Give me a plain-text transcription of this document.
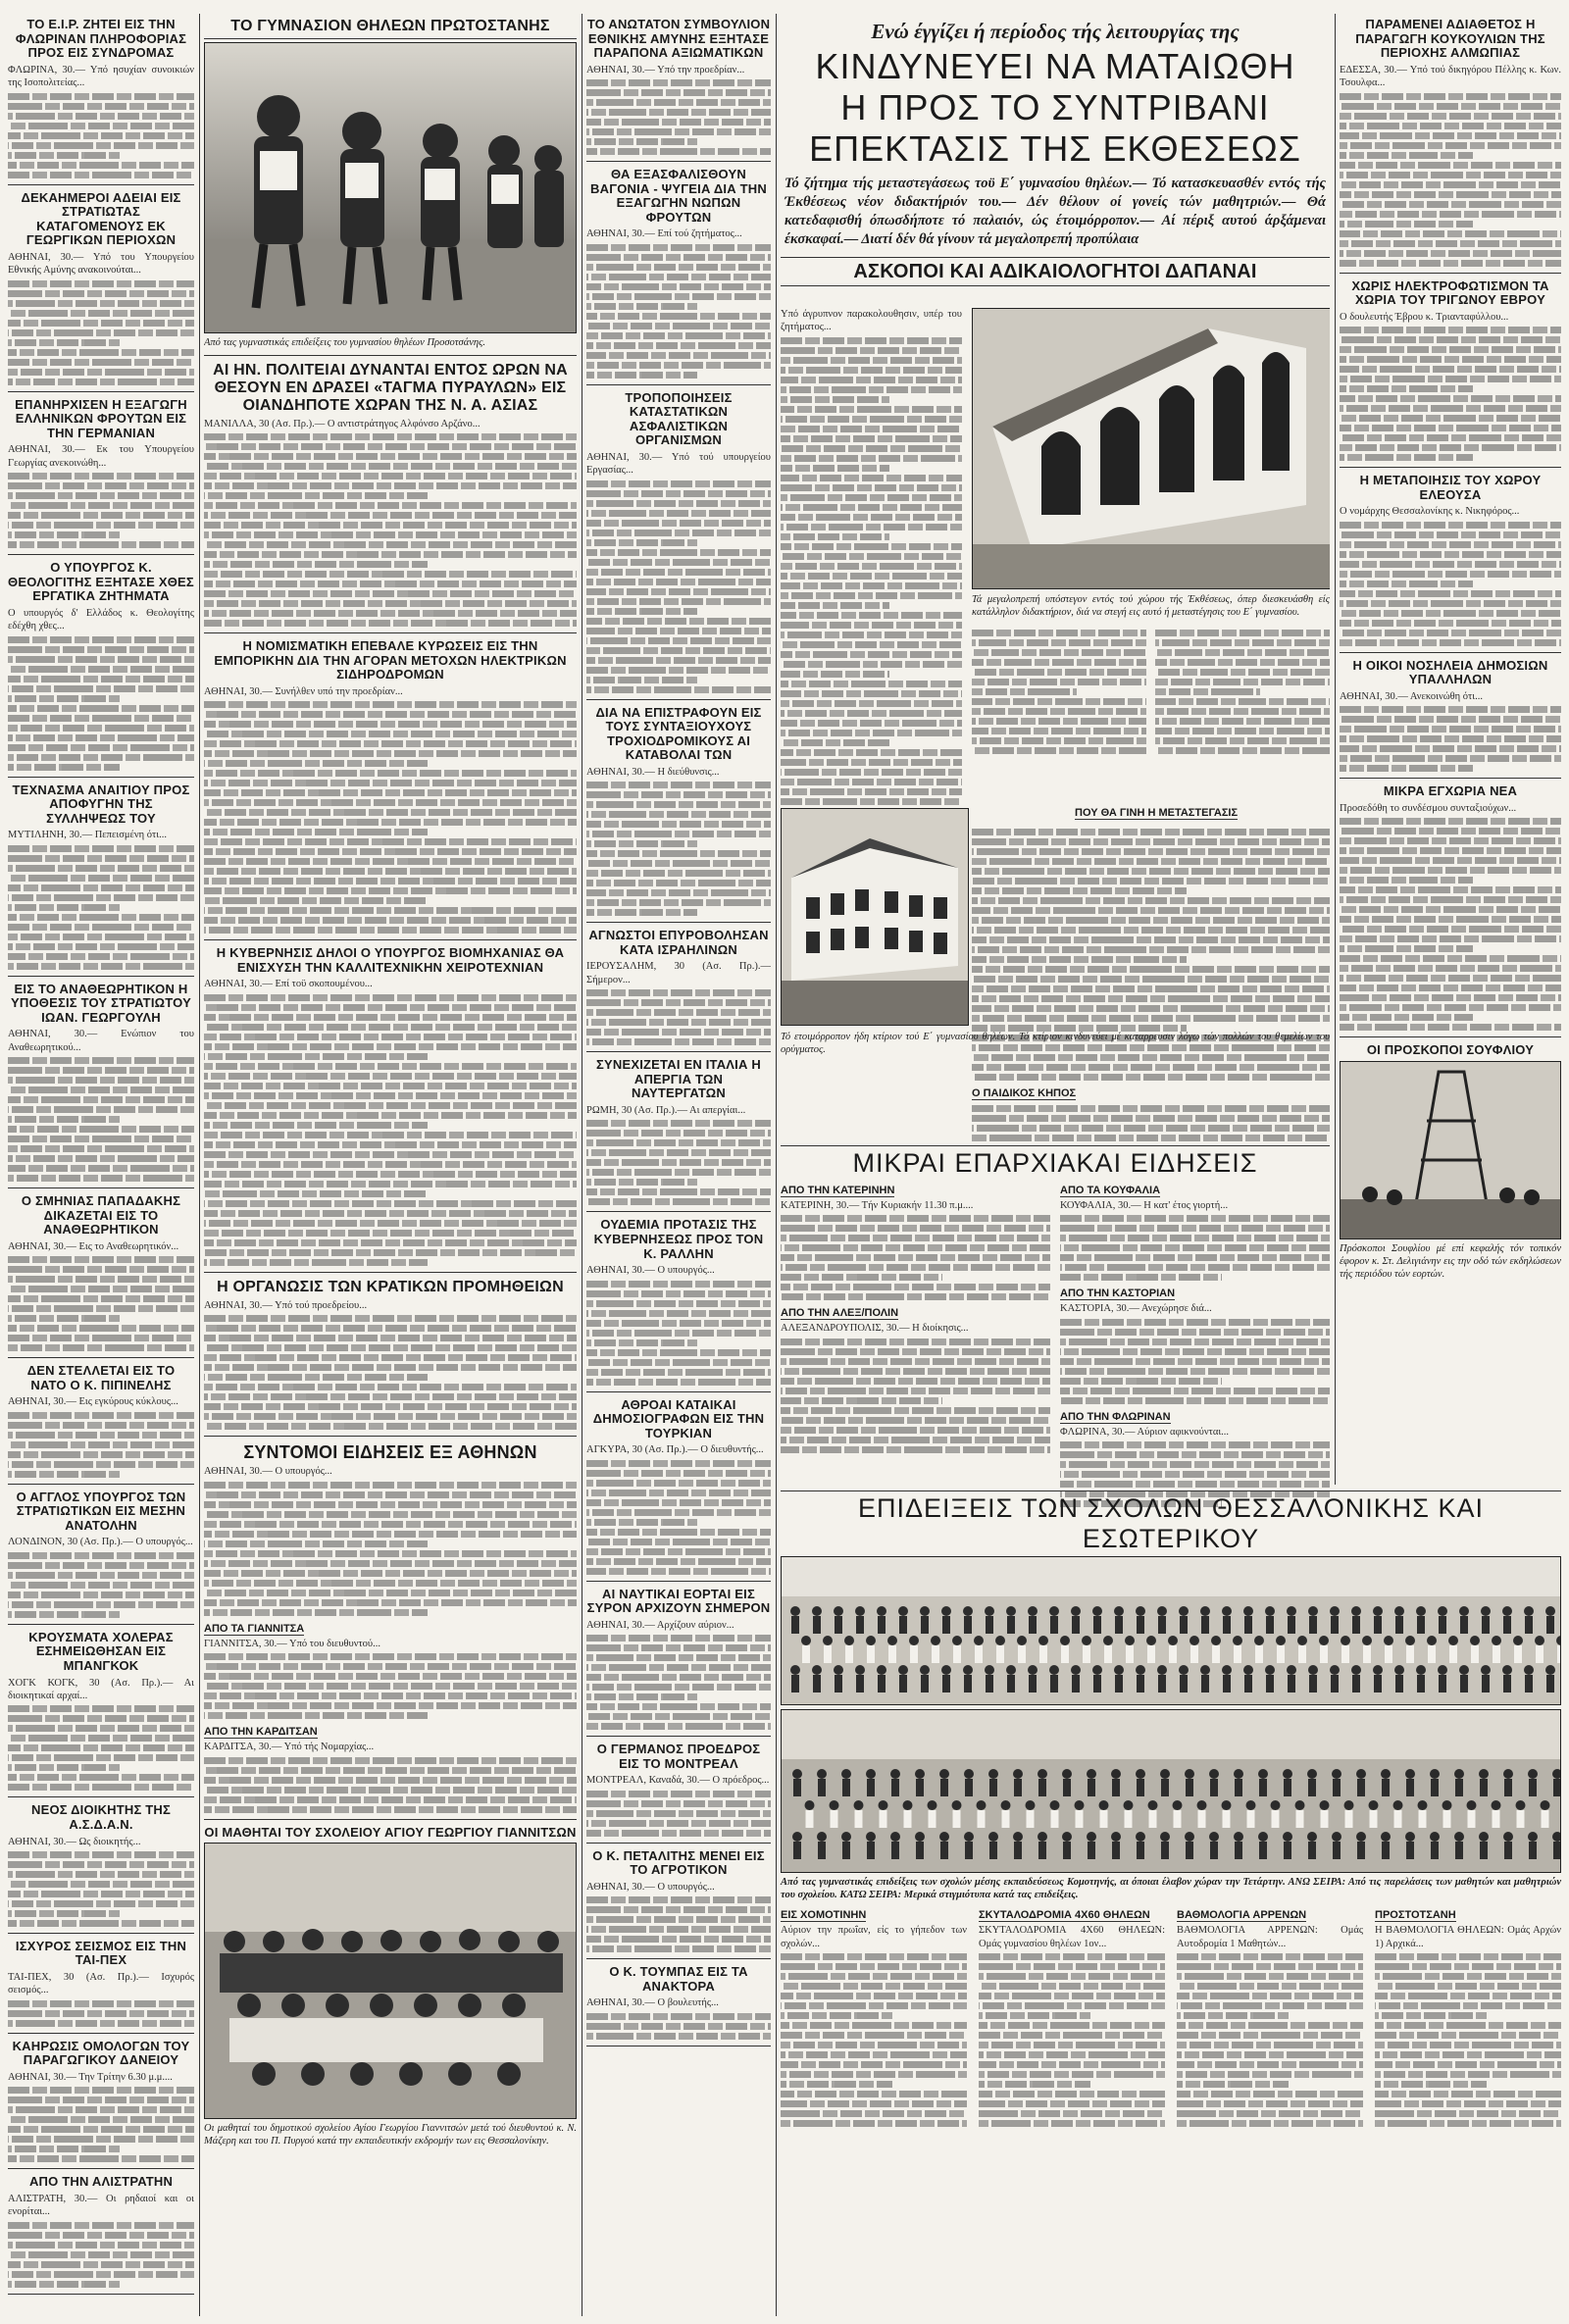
ΤΟ Ε.Ι.Ρ. ΖΗΤΕΙ ΕΙΣ ΤΗΝ ΦΛΩΡΙΝΑΝ ΠΛΗΡΟΦΟΡΙΑΣ ΠΡΟΣ ΕΙΣ ΣΥΝΔΡΟΜΑΣ

ΦΛΩΡΙΝΑ, 30.— Υπό ησυχίαν συνοικιών της Ισοπολιτείας...

ΔΕΚΑΗΜΕΡΟΙ ΑΔΕΙΑΙ ΕΙΣ ΣΤΡΑΤΙΩΤΑΣ ΚΑΤΑΓΟΜΕΝΟΥΣ ΕΚ ΓΕΩΡΓΙΚΩΝ ΠΕΡΙΟΧΩΝ

ΑΘΗΝΑΙ, 30.— Υπό του Υπουργείου Εθνικής Αμύνης ανακοινούται...

ΕΠΑΝΗΡΧΙΣΕΝ Η ΕΞΑΓΩΓΗ ΕΛΛΗΝΙΚΩΝ ΦΡΟΥΤΩΝ ΕΙΣ ΤΗΝ ΓΕΡΜΑΝΙΑΝ

ΑΘΗΝΑΙ, 30.— Εκ του Υπουργείου Γεωργίας ανεκοινώθη...

Ο ΥΠΟΥΡΓΟΣ Κ. ΘΕΟΛΟΓΙΤΗΣ ΕΞΗΤΑΣΕ ΧΘΕΣ ΕΡΓΑΤΙΚΑ ΖΗΤΗΜΑΤΑ

Ο υπουργός δ' Ελλάδος κ. Θεολογίτης εδέχθη χθες...

ΤΕΧΝΑΣΜΑ ΑΝΑΙΤΙΟΥ ΠΡΟΣ ΑΠΟΦΥΓΗΝ ΤΗΣ ΣΥΛΛΗΨΕΩΣ ΤΟΥ

ΜΥΤΙΛΗΝΗ, 30.— Πεπεισμένη ότι...

ΕΙΣ ΤΟ ΑΝΑΘΕΩΡΗΤΙΚΟΝ Η ΥΠΟΘΕΣΙΣ ΤΟΥ ΣΤΡΑΤΙΩΤΟΥ ΙΩΑΝ. ΓΕΩΡΓΟΥΛΗ

ΑΘΗΝΑΙ, 30.— Ενώπιον του Αναθεωρητικού...

Ο ΣΜΗΝΙΑΣ ΠΑΠΑΔΑΚΗΣ ΔΙΚΑΖΕΤΑΙ ΕΙΣ ΤΟ ΑΝΑΘΕΩΡΗΤΙΚΟΝ

ΑΘΗΝΑΙ, 30.— Εις το Αναθεωρητικόν...

ΔΕΝ ΣΤΕΛΛΕΤΑΙ ΕΙΣ ΤΟ ΝΑΤΟ Ο Κ. ΠΙΠΙΝΕΛΗΣ

ΑΘΗΝΑΙ, 30.— Εις εγκύρους κύκλους...

Ο ΑΓΓΛΟΣ ΥΠΟΥΡΓΟΣ ΤΩΝ ΣΤΡΑΤΙΩΤΙΚΩΝ ΕΙΣ ΜΕΣΗΝ ΑΝΑΤΟΛΗΝ

ΛΟΝΔΙΝΟΝ, 30 (Ασ. Πρ.).— Ο υπουργός...

ΚΡΟΥΣΜΑΤΑ ΧΟΛΕΡΑΣ ΕΣΗΜΕΙΩΘΗΣΑΝ ΕΙΣ ΜΠΑΝΓΚΟΚ

ΧΟΓΚ ΚΟΓΚ, 30 (Ασ. Πρ.).— Αι διοικητικαί αρχαί...

ΝΕΟΣ ΔΙΟΙΚΗΤΗΣ ΤΗΣ Α.Σ.Δ.Α.Ν.

ΑΘΗΝΑΙ, 30.— Ως διοικητής...

ΙΣΧΥΡΟΣ ΣΕΙΣΜΟΣ ΕΙΣ ΤΗΝ ΤΑΙ-ΠΕΧ

ΤΑΙ-ΠΕΧ, 30 (Ασ. Πρ.).— Ισχυρός σεισμός...

ΚΑΗΡΩΣΙΣ ΟΜΟΛΟΓΩΝ ΤΟΥ ΠΑΡΑΓΩΓΙΚΟΥ ΔΑΝΕΙΟΥ

ΑΘΗΝΑΙ, 30.— Την Τρίτην 6.30 μ.μ....

ΑΠΟ ΤΗΝ ΑΛΙΣΤΡΑΤΗΝ

ΑΛΙΣΤΡΑΤΗ, 30.— Οι ρηδαιοί και οι ενορίται...

ΤΟ ΓΥΜΝΑΣΙΟΝ ΘΗΛΕΩΝ ΠΡΩΤΟΣΤΑΝΗΣ
Από τας γυμναστικάς επιδείξεις του γυμνασίου θηλέων Προσοτσάνης.
ΑΙ ΗΝ. ΠΟΛΙΤΕΙΑΙ ΔΥΝΑΝΤΑΙ ΕΝΤΟΣ ΩΡΩΝ ΝΑ ΘΕΣΟΥΝ ΕΝ ΔΡΑΣΕΙ «ΤΑΓΜΑ ΠΥΡΑΥΛΩΝ» ΕΙΣ ΟΙΑΝΔΗΠΟΤΕ ΧΩΡΑΝ ΤΗΣ Ν. Α. ΑΣΙΑΣ

ΜΑΝΙΛΛΑ, 30 (Ασ. Πρ.).— Ο αντιστράτηγος Αλφόνσο Αρζάνο...

Η ΝΟΜΙΣΜΑΤΙΚΗ ΕΠΕΒΑΛΕ ΚΥΡΩΣΕΙΣ ΕΙΣ ΤΗΝ ΕΜΠΟΡΙΚΗΝ ΔΙΑ ΤΗΝ ΑΓΟΡΑΝ ΜΕΤΟΧΩΝ ΗΛΕΚΤΡΙΚΩΝ ΣΙΔΗΡΟΔΡΟΜΩΝ

ΑΘΗΝΑΙ, 30.— Συνήλθεν υπό την προεδρίαν...

Η ΚΥΒΕΡΝΗΣΙΣ ΔΗΛΟΙ Ο ΥΠΟΥΡΓΟΣ ΒΙΟΜΗΧΑΝΙΑΣ ΘΑ ΕΝΙΣΧΥΣΗ ΤΗΝ ΚΑΛΛΙΤΕΧΝΙΚΗΝ ΧΕΙΡΟΤΕΧΝΙΑΝ

ΑΘΗΝΑΙ, 30.— Επί τοϋ σκοπουμένου...

Η ΟΡΓΑΝΩΣΙΣ ΤΩΝ ΚΡΑΤΙΚΩΝ ΠΡΟΜΗΘΕΙΩΝ

ΑΘΗΝΑΙ, 30.— Υπό τού προεδρείου...

ΣΥΝΤΟΜΟΙ ΕΙΔΗΣΕΙΣ ΕΞ ΑΘΗΝΩΝ

ΑΘΗΝΑΙ, 30.— Ο υπουργός...

ΑΠΟ ΤΑ ΓΙΑΝΝΙΤΣΑ

ΓΙΑΝΝΙΤΣΑ, 30.— Υπό του διευθυντού...

ΑΠΟ ΤΗΝ ΚΑΡΔΙΤΣΑΝ

ΚΑΡΔΙΤΣΑ, 30.— Υπό τής Νομαρχίας...

ΟΙ ΜΑΘΗΤΑΙ ΤΟΥ ΣΧΟΛΕΙΟΥ ΑΓΙΟΥ ΓΕΩΡΓΙΟΥ ΓΙΑΝΝΙΤΣΩΝ
Οι μαθηταί του δημοτικού σχολείου Αγίου Γεωργίου Γιαννιτσών μετά τού διευθυντού κ. Ν. Μάζερη και του Π. Πυργού κατά την εκπαιδευτικήν εκδρομήν των εις Θεσσαλονίκην.
ΤΟ ΑΝΩΤΑΤΟΝ ΣΥΜΒΟΥΛΙΟΝ ΕΘΝΙΚΗΣ ΑΜΥΝΗΣ ΕΞΗΤΑΣΕ ΠΑΡΑΠΟΝΑ ΑΞΙΩΜΑΤΙΚΩΝ

ΑΘΗΝΑΙ, 30.— Υπό την προεδρίαν...

ΘΑ ΕΞΑΣΦΑΛΙΣΘΟΥΝ ΒΑΓΟΝΙΑ - ΨΥΓΕΙΑ ΔΙΑ ΤΗΝ ΕΞΑΓΩΓΗΝ ΝΩΠΩΝ ΦΡΟΥΤΩΝ

ΑΘΗΝΑΙ, 30.— Επί τού ζητήματος...

ΤΡΟΠΟΠΟΙΗΣΕΙΣ ΚΑΤΑΣΤΑΤΙΚΩΝ ΑΣΦΑΛΙΣΤΙΚΩΝ ΟΡΓΑΝΙΣΜΩΝ

ΑΘΗΝΑΙ, 30.— Υπό τού υπουργείου Εργασίας...

ΔΙΑ ΝΑ ΕΠΙΣΤΡΑΦΟΥΝ ΕΙΣ ΤΟΥΣ ΣΥΝΤΑΞΙΟΥΧΟΥΣ ΤΡΟΧΙΟΔΡΟΜΙΚΟΥΣ ΑΙ ΚΑΤΑΒΟΛΑΙ ΤΩΝ

ΑΘΗΝΑΙ, 30.— Η διεύθυνσις...

ΑΓΝΩΣΤΟΙ ΕΠΥΡΟΒΟΛΗΣΑΝ ΚΑΤΑ ΙΣΡΑΗΛΙΝΩΝ

ΙΕΡΟΥΣΑΛΗΜ, 30 (Ασ. Πρ.).— Σήμερον...

ΣΥΝΕΧΙΖΕΤΑΙ ΕΝ ΙΤΑΛΙΑ Η ΑΠΕΡΓΙΑ ΤΩΝ ΝΑΥΤΕΡΓΑΤΩΝ

ΡΩΜΗ, 30 (Ασ. Πρ.).— Αι απεργίαι...

ΟΥΔΕΜΙΑ ΠΡΟΤΑΣΙΣ ΤΗΣ ΚΥΒΕΡΝΗΣΕΩΣ ΠΡΟΣ ΤΟΝ Κ. ΡΑΛΛΗΝ

ΑΘΗΝΑΙ, 30.— Ο υπουργός...

ΑΘΡΟΑΙ ΚΑΤΑΙΚΑΙ ΔΗΜΟΣΙΟΓΡΑΦΩΝ ΕΙΣ ΤΗΝ ΤΟΥΡΚΙΑΝ

ΑΓΚΥΡΑ, 30 (Ασ. Πρ.).— Ο διευθυντής...

ΑΙ ΝΑΥΤΙΚΑΙ ΕΟΡΤΑΙ ΕΙΣ ΣΥΡΟΝ ΑΡΧΙΖΟΥΝ ΣΗΜΕΡΟΝ

ΑΘΗΝΑΙ, 30.— Αρχίζουν αύριον...

Ο ΓΕΡΜΑΝΟΣ ΠΡΟΕΔΡΟΣ ΕΙΣ ΤΟ ΜΟΝΤΡΕΑΛ

ΜΟΝΤΡΕΑΛ, Καναδά, 30.— Ο πρόεδρος...

Ο Κ. ΠΕΤΑΛΙΤΗΣ ΜΕΝΕΙ ΕΙΣ ΤΟ ΑΓΡΟΤΙΚΟΝ

ΑΘΗΝΑΙ, 30.— Ο υπουργός...

Ο Κ. ΤΟΥΜΠΑΣ ΕΙΣ ΤΑ ΑΝΑΚΤΟΡΑ

ΑΘΗΝΑΙ, 30.— Ο βουλευτής...

Ενώ έγγίζει ή περίοδος τής λειτουργίας της
ΚΙΝΔΥΝΕΥΕΙ ΝΑ ΜΑΤΑΙΩΘΗ
Η ΠΡΟΣ ΤΟ ΣΥΝΤΡΙΒΑΝΙ
ΕΠΕΚΤΑΣΙΣ ΤΗΣ ΕΚΘΕΣΕΩΣ
Τό ζήτημα τής μεταστεγάσεως τοϋ Ε΄ γυμνασίου θηλέων.— Τό κατασκευασθέν εντός τής Έκθέσεως νέον διδακτήριόν του.— Δέν θέλουν οί γονείς τών μαθητριών.— Θά κατεδαφισθή όπωσδήποτε τό παλαιόν, ώς έτοιμόρροπον.— Αί πέριξ αυτού άρξάμεναι έκσκαφαί.— Διατί δέν θά γίνουν τά μεγαλοπρεπή προπύλαια
ΑΣΚΟΠΟΙ ΚΑΙ ΑΔΙΚΑΙΟΛΟΓΗΤΟΙ ΔΑΠΑΝΑΙ

Υπό άγρυπνον παρακολουθησιν, υπέρ του ζητήματος...

Τά μεγαλοπρεπή υπόστεγον εντός τού χώρου τής Έκθέσεως, όπερ διεσκευάσθη είς κατάλληλον διδακτήριον, διά να στεγή εις αυτό ή μεταστέγησις του Ε΄ γυμνασίου.
ΠΟΥ ΘΑ ΓΙΝΗ Η ΜΕΤΑΣΤΕΓΑΣΙΣ
Ο ΠΑΙΔΙΚΟΣ ΚΗΠΟΣ
Τό ετοιμόρροπον ήδη κτίριον τού Ε΄ γυμνασίου θηλέων. Τό κτίριον κινδυνεύει μέ καταρρευσιν λόγω τών πολλών του θεμελίων του ορύγματος.
ΜΙΚΡΑΙ ΕΠΑΡΧΙΑΚΑΙ ΕΙΔΗΣΕΙΣ
ΑΠΟ ΤΗΝ ΚΑΤΕΡΙΝΗΝ

ΚΑΤΕΡΙΝΗ, 30.— Τήν Κυριακήν 11.30 π.μ....

ΑΠΟ ΤΗΝ ΑΛΕΞ/ΠΟΛΙΝ

ΑΛΕΞΑΝΔΡΟΥΠΟΛΙΣ, 30.— Η διοίκησις...

ΑΠΟ ΤΑ ΚΟΥΦΑΛΙΑ

ΚΟΥΦΑΛΙΑ, 30.— Η κατ' έτος γιορτή...

ΑΠΟ ΤΗΝ ΚΑΣΤΟΡΙΑΝ

ΚΑΣΤΟΡΙΑ, 30.— Ανεχώρησε διά...

ΑΠΟ ΤΗΝ ΦΛΩΡΙΝΑΝ

ΦΛΩΡΙΝΑ, 30.— Αύριον αφικνούνται...

ΠΑΡΑΜΕΝΕΙ ΑΔΙΑΘΕΤΟΣ Η ΠΑΡΑΓΩΓΗ ΚΟΥΚΟΥΛΙΩΝ ΤΗΣ ΠΕΡΙΟΧΗΣ ΑΛΜΩΠΙΑΣ

ΕΔΕΣΣΑ, 30.— Υπό τού δικηγόρου Πέλλης κ. Κων. Τσουλφα...

ΧΩΡΙΣ ΗΛΕΚΤΡΟΦΩΤΙΣΜΟΝ ΤΑ ΧΩΡΙΑ ΤΟΥ ΤΡΙΓΩΝΟΥ ΕΒΡΟΥ

Ο δουλευτής Έβρου κ. Τριανταφύλλου...

Η ΜΕΤΑΠΟΙΗΣΙΣ ΤΟΥ ΧΩΡΟΥ ΕΛΕΟΥΣΑ

Ο νομάρχης Θεσσαλονίκης κ. Νικηφόρος...

Η ΟΙΚΟΙ ΝΟΣΗΛΕΙΑ ΔΗΜΟΣΙΩΝ ΥΠΑΛΛΗΛΩΝ

ΑΘΗΝΑΙ, 30.— Ανεκοινώθη ότι...

ΜΙΚΡΑ ΕΓΧΩΡΙΑ ΝΕΑ

Προσεδόθη το συνδέσμου συνταξιούχων...

ΟΙ ΠΡΟΣΚΟΠΟΙ ΣΟΥΦΛΙΟΥ
Πρόσκοποι Σουφλίου μέ επί κεφαλής τόν τοπικόν έφορον κ. Στ. Δελιγιάνην εις την οδό τών εκδηλώσεων τής περιόδου τών εορτών.
ΕΠΙΔΕΙΞΕΙΣ ΤΩΝ ΣΧΟΛΩΝ ΘΕΣΣΑΛΟΝΙΚΗΣ ΚΑΙ ΕΣΩΤΕΡΙΚΟΥ
Από τας γυμναστικάς επιδείξεις των σχολών μέσης εκπαιδεύσεως Κομοτηνής, αι όποιαι έλαβον χώραν την Τετάρτην. ΑΝΩ ΣΕΙΡΑ: Από τις παρελάσεις των μαθητών και μαθητριών του σχολείου. ΚΑΤΩ ΣΕΙΡΑ: Μερικά στιγμιότυπα κατά τας επιδείξεις.
ΕΙΣ ΧΟΜΟΤΙΝΗΝ

Αύριον την πρωΐαν, είς το γήπεδον των σχολών...

ΣΚΥΤΑΛΟΔΡΟΜΙΑ 4Χ60 ΘΗΛΕΩΝ

ΣΚΥΤΑΛΟΔΡΟΜΙΑ 4Χ60 ΘΗΛΕΩΝ: Ομάς γυμνασίου θηλέων 1ον...

ΒΑΘΜΟΛΟΓΙΑ ΑΡΡΕΝΩΝ

ΒΑΘΜΟΛΟΓΙΑ ΑΡΡΕΝΩΝ: Ομάς Αυτοδρομία 1 Μαθητών...

ΠΡΟΣΤΟΤΣΑΝΗ

Η ΒΑΘΜΟΛΟΓΙΑ ΘΗΛΕΩΝ: Ομάς Αρχών 1) Αρχικά...
